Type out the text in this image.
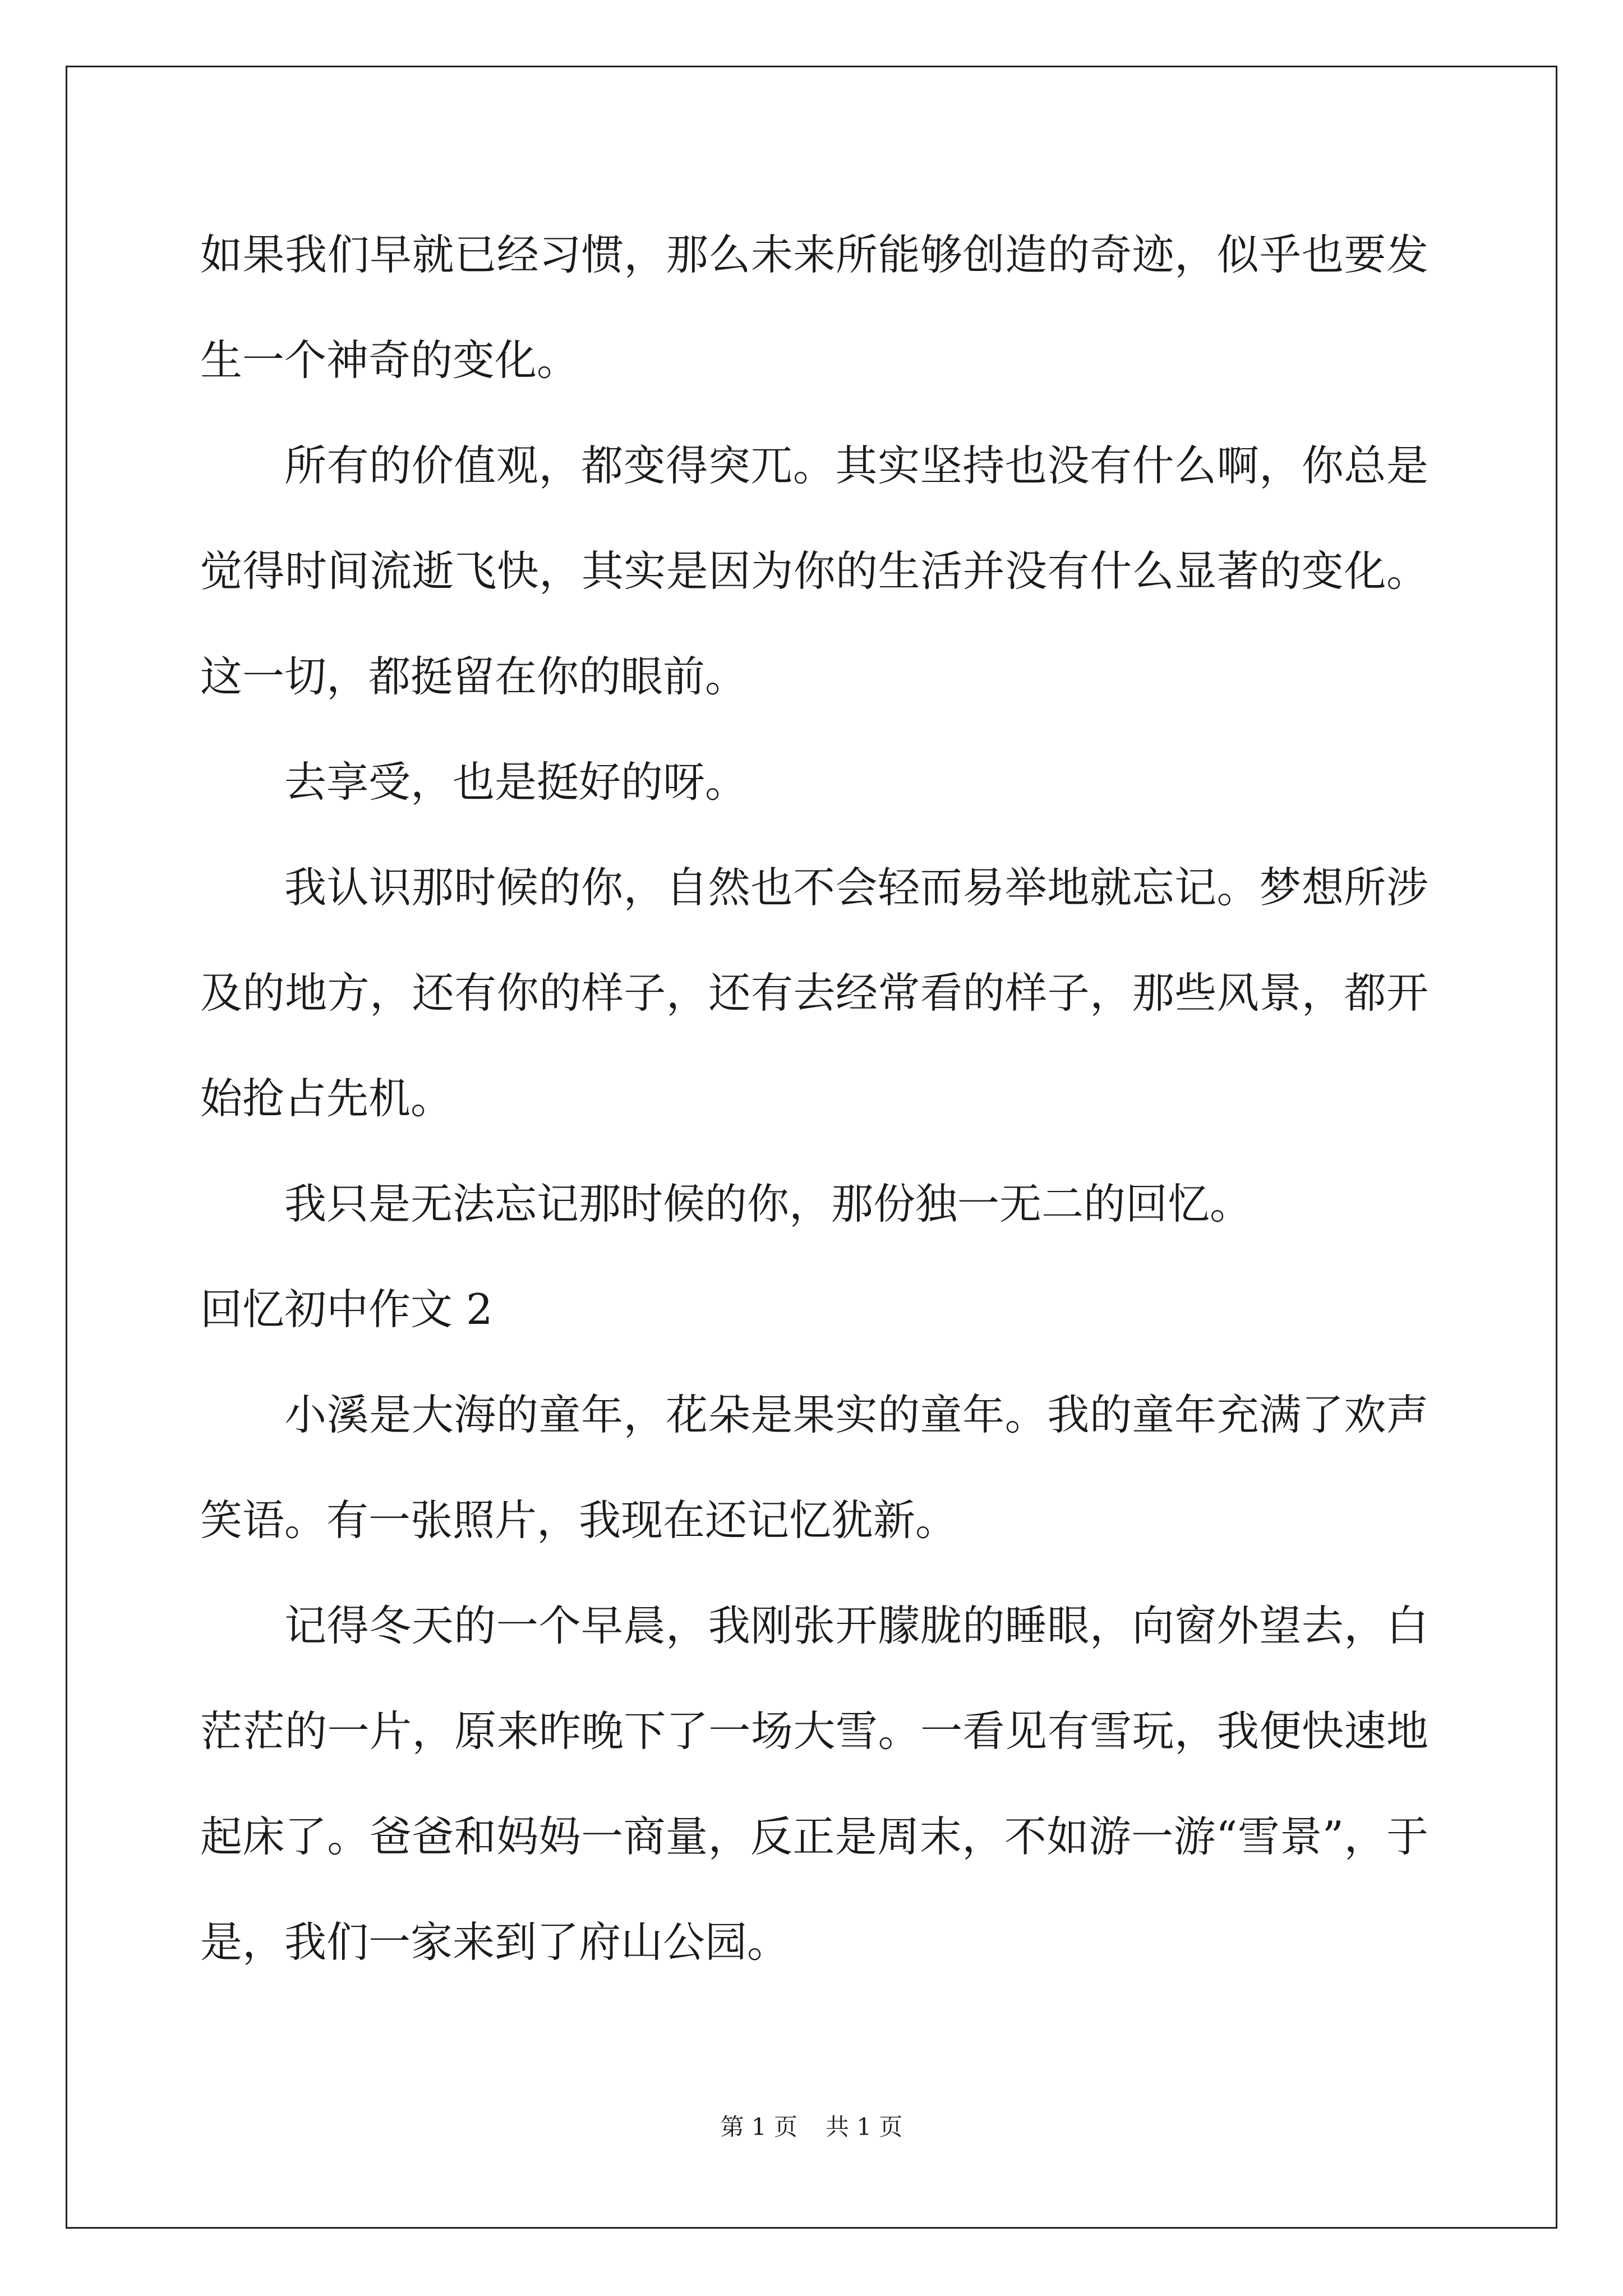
如果我们早就已经习惯，那么未来所能够创造的奇迹，似乎也要发生一个神奇的变化。

所有的价值观，都变得突兀。其实坚持也没有什么啊，你总是觉得时间流逝飞快，其实是因为你的生活并没有什么显著的变化。这一切，都挺留在你的眼前。

去享受，也是挺好的呀。

我认识那时候的你，自然也不会轻而易举地就忘记。梦想所涉及的地方，还有你的样子，还有去经常看的样子，那些风景，都开始抢占先机。

我只是无法忘记那时候的你，那份独一无二的回忆。

回忆初中作文 2

小溪是大海的童年，花朵是果实的童年。我的童年充满了欢声笑语。有一张照片，我现在还记忆犹新。

记得冬天的一个早晨，我刚张开朦胧的睡眼，向窗外望去，白茫茫的一片，原来昨晚下了一场大雪。一看见有雪玩，我便快速地起床了。爸爸和妈妈一商量，反正是周末，不如游一游“雪景”，于是，我们一家来到了府山公园。

第 1 页 共 1 页
